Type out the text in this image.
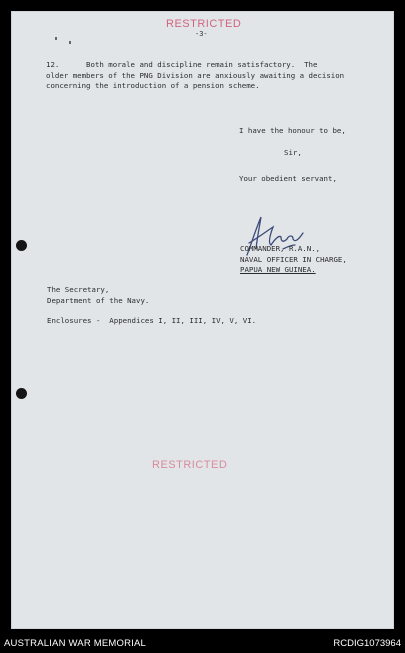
RESTRICTED
-3-
12.      Both morale and discipline remain satisfactory.  The
older members of the PNG Division are anxiously awaiting a decision
concerning the introduction of a pension scheme.
I have the honour to be,
Sir,
Your obedient servant,
COMMANDER, R.A.N.,
NAVAL OFFICER IN CHARGE,
PAPUA NEW GUINEA.
The Secretary,
Department of the Navy.
Enclosures -  Appendices I, II, III, IV, V, VI.
RESTRICTED
AUSTRALIAN WAR MEMORIAL	RCDIG1073964
